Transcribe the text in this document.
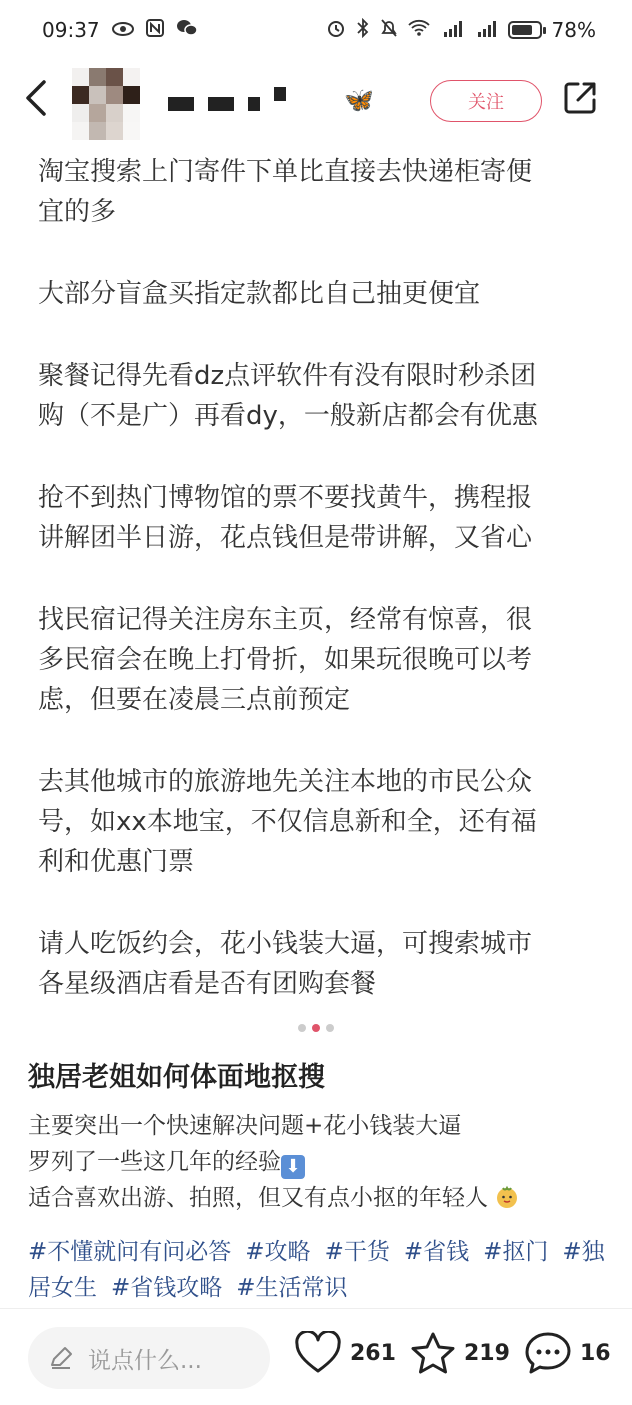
09:37	78%
🦋	关注
淘宝搜索上门寄件下单比直接去快递柜寄便
宜的多
大部分盲盒买指定款都比自己抽更便宜
聚餐记得先看dz点评软件有没有限时秒杀团
购（不是广）再看dy，一般新店都会有优惠
抢不到热门博物馆的票不要找黄牛，携程报
讲解团半日游，花点钱但是带讲解，又省心
找民宿记得关注房东主页，经常有惊喜，很
多民宿会在晚上打骨折，如果玩很晚可以考
虑，但要在凌晨三点前预定
去其他城市的旅游地先关注本地的市民公众
号，如xx本地宝，不仅信息新和全，还有福
利和优惠门票
请人吃饭约会，花小钱装大逼，可搜索城市
各星级酒店看是否有团购套餐
独居老姐如何体面地抠搜
主要突出一个快速解决问题+花小钱装大逼
罗列了一些这几年的经验 ⬇
适合喜欢出游、拍照，但又有点小抠的年轻人
#不懂就问有问必答 #攻略 #干货 #省钱 #抠门 #独居女生 #省钱攻略 #生活常识
说点什么...	261	219	16
